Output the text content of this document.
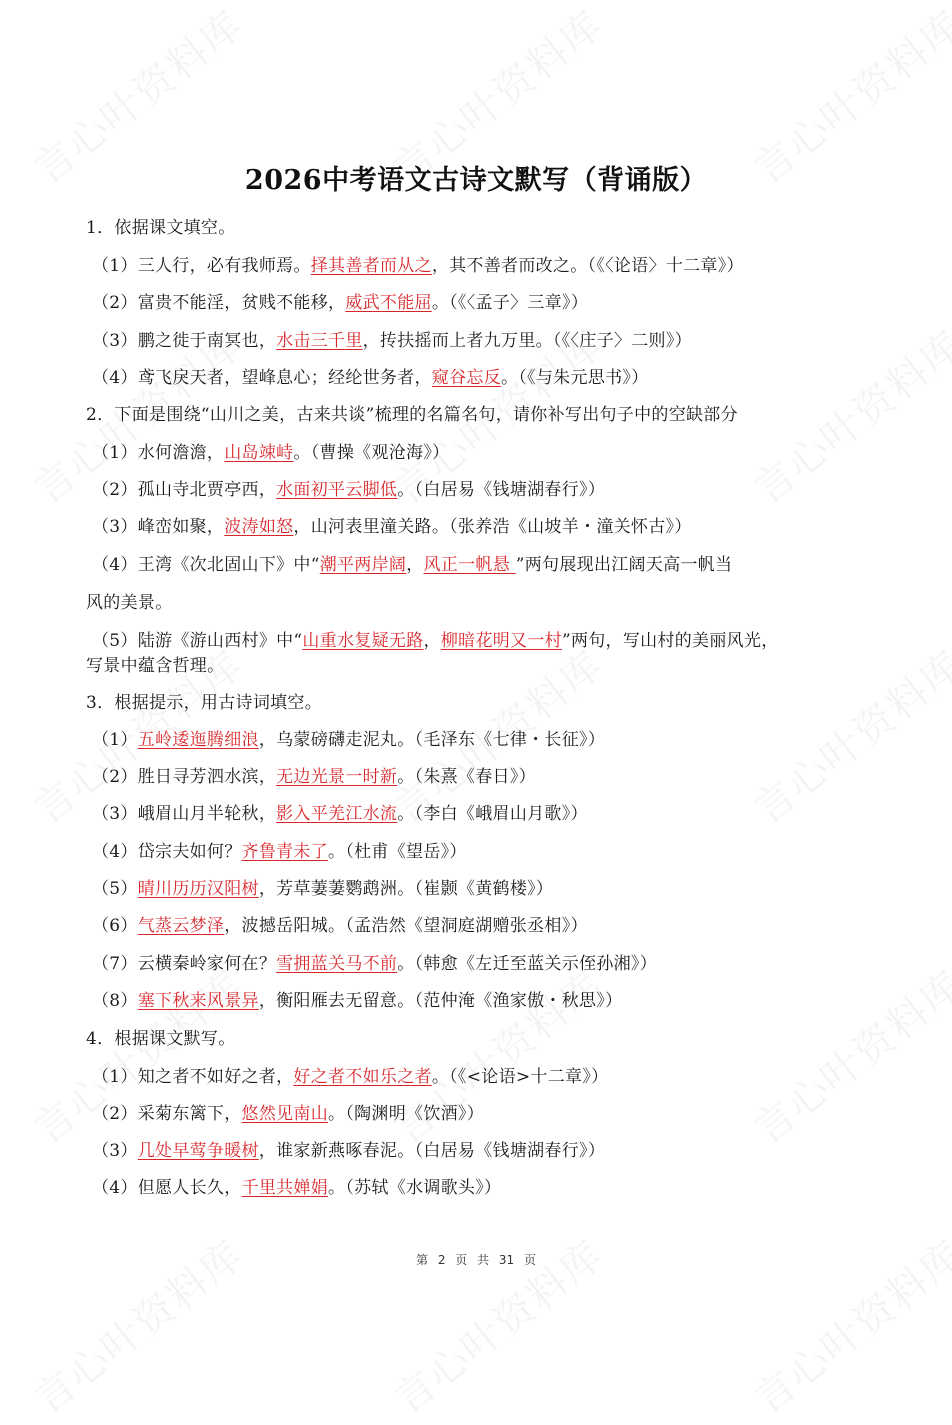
2026中考语文古诗文默写（背诵版）
1．依据课文填空。
（1）三人行，必有我师焉。择其善者而从之，其不善者而改之。（《〈论语〉十二章》）
（2）富贵不能淫，贫贱不能移，威武不能屈。（《〈孟子〉三章》）
（3）鹏之徙于南冥也，水击三千里，抟扶摇而上者九万里。（《〈庄子〉二则》）
（4）鸢飞戾天者，望峰息心；经纶世务者，窥谷忘反。（《与朱元思书》）
2．下面是围绕“山川之美，古来共谈”梳理的名篇名句，请你补写出句子中的空缺部分
（1）水何澹澹，山岛竦峙。（曹操《观沧海》）
（2）孤山寺北贾亭西，水面初平云脚低。（白居易《钱塘湖春行》）
（3）峰峦如聚，波涛如怒，山河表里潼关路。（张养浩《山坡羊・潼关怀古》）
（4）王湾《次北固山下》中“潮平两岸阔，风正一帆悬 ”两句展现出江阔天高一帆当
风的美景。
（5）陆游《游山西村》中“山重水复疑无路，柳暗花明又一村”两句，写山村的美丽风光，
写景中蕴含哲理。
3．根据提示，用古诗词填空。
（1）五岭逶迤腾细浪，乌蒙磅礴走泥丸。（毛泽东《七律・长征》）
（2）胜日寻芳泗水滨，无边光景一时新。（朱熹《春日》）
（3）峨眉山月半轮秋，影入平羌江水流。（李白《峨眉山月歌》）
（4）岱宗夫如何？齐鲁青未了。（杜甫《望岳》）
（5）晴川历历汉阳树，芳草萋萋鹦鹉洲。（崔颢《黄鹤楼》）
（6）气蒸云梦泽，波撼岳阳城。（孟浩然《望洞庭湖赠张丞相》）
（7）云横秦岭家何在？雪拥蓝关马不前。（韩愈《左迁至蓝关示侄孙湘》）
（8）塞下秋来风景异，衡阳雁去无留意。（范仲淹《渔家傲・秋思》）
4．根据课文默写。
（1）知之者不如好之者，好之者不如乐之者。（《<论语>十二章》）
（2）采菊东篱下，悠然见南山。（陶渊明《饮酒》）
（3）几处早莺争暖树，谁家新燕啄春泥。（白居易《钱塘湖春行》）
（4）但愿人长久，千里共婵娟。（苏轼《水调歌头》）
第 2 页 共 31 页
